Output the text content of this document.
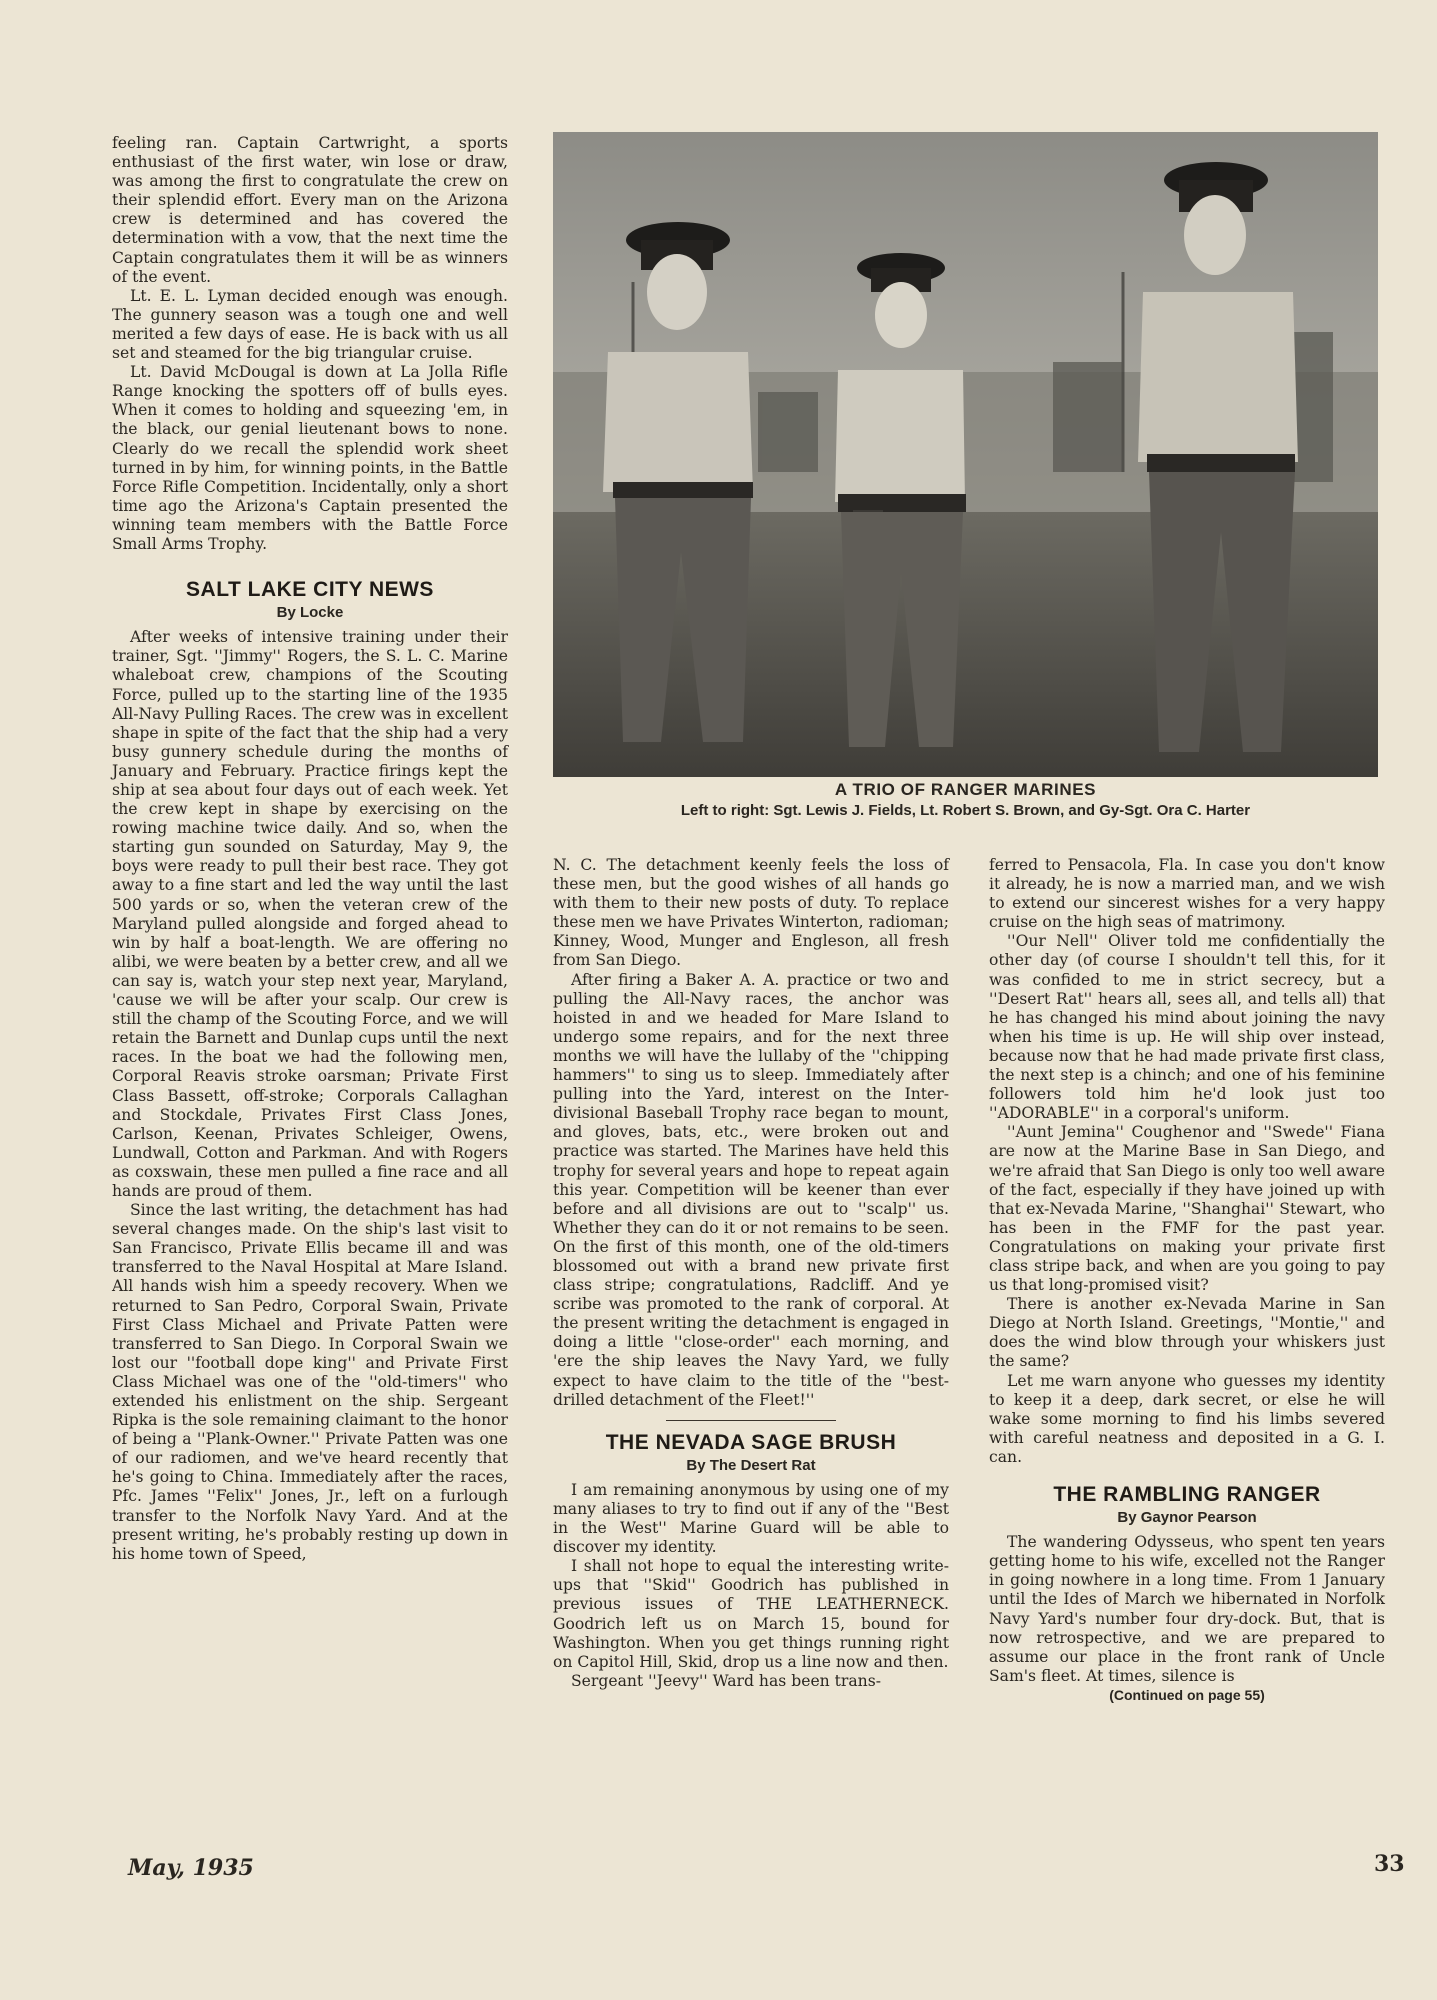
feeling ran. Captain Cartwright, a sports enthusiast of the first water, win lose or draw, was among the first to congratulate the crew on their splendid effort. Every man on the Arizona crew is determined and has covered the determination with a vow, that the next time the Captain congratulates them it will be as winners of the event.

Lt. E. L. Lyman decided enough was enough. The gunnery season was a tough one and well merited a few days of ease. He is back with us all set and steamed for the big triangular cruise.

Lt. David McDougal is down at La Jolla Rifle Range knocking the spotters off of bulls eyes. When it comes to holding and squeezing 'em, in the black, our genial lieutenant bows to none. Clearly do we recall the splendid work sheet turned in by him, for winning points, in the Battle Force Rifle Competition. Incidentally, only a short time ago the Arizona's Captain presented the winning team members with the Battle Force Small Arms Trophy.

SALT LAKE CITY NEWS
By Locke

After weeks of intensive training under their trainer, Sgt. ''Jimmy'' Rogers, the S. L. C. Marine whaleboat crew, champions of the Scouting Force, pulled up to the starting line of the 1935 All-Navy Pulling Races. The crew was in excellent shape in spite of the fact that the ship had a very busy gunnery schedule during the months of January and February. Practice firings kept the ship at sea about four days out of each week. Yet the crew kept in shape by exercising on the rowing machine twice daily. And so, when the starting gun sounded on Saturday, May 9, the boys were ready to pull their best race. They got away to a fine start and led the way until the last 500 yards or so, when the veteran crew of the Maryland pulled alongside and forged ahead to win by half a boat-length. We are offering no alibi, we were beaten by a better crew, and all we can say is, watch your step next year, Maryland, 'cause we will be after your scalp. Our crew is still the champ of the Scouting Force, and we will retain the Barnett and Dunlap cups until the next races. In the boat we had the following men, Corporal Reavis stroke oarsman; Private First Class Bassett, off-stroke; Corporals Callaghan and Stockdale, Privates First Class Jones, Carlson, Keenan, Privates Schleiger, Owens, Lundwall, Cotton and Parkman. And with Rogers as coxswain, these men pulled a fine race and all hands are proud of them.

Since the last writing, the detachment has had several changes made. On the ship's last visit to San Francisco, Private Ellis became ill and was transferred to the Naval Hospital at Mare Island. All hands wish him a speedy recovery. When we returned to San Pedro, Corporal Swain, Private First Class Michael and Private Patten were transferred to San Diego. In Corporal Swain we lost our ''football dope king'' and Private First Class Michael was one of the ''old-timers'' who extended his enlistment on the ship. Sergeant Ripka is the sole remaining claimant to the honor of being a ''Plank-Owner.'' Private Patten was one of our radiomen, and we've heard recently that he's going to China. Immediately after the races, Pfc. James ''Felix'' Jones, Jr., left on a furlough transfer to the Norfolk Navy Yard. And at the present writing, he's probably resting up down in his home town of Speed,

A TRIO OF RANGER MARINES
Left to right: Sgt. Lewis J. Fields, Lt. Robert S. Brown, and Gy-Sgt. Ora C. Harter

N. C. The detachment keenly feels the loss of these men, but the good wishes of all hands go with them to their new posts of duty. To replace these men we have Privates Winterton, radioman; Kinney, Wood, Munger and Engleson, all fresh from San Diego.

After firing a Baker A. A. practice or two and pulling the All-Navy races, the anchor was hoisted in and we headed for Mare Island to undergo some repairs, and for the next three months we will have the lullaby of the ''chipping hammers'' to sing us to sleep. Immediately after pulling into the Yard, interest on the Inter-divisional Baseball Trophy race began to mount, and gloves, bats, etc., were broken out and practice was started. The Marines have held this trophy for several years and hope to repeat again this year. Competition will be keener than ever before and all divisions are out to ''scalp'' us. Whether they can do it or not remains to be seen. On the first of this month, one of the old-timers blossomed out with a brand new private first class stripe; congratulations, Radcliff. And ye scribe was promoted to the rank of corporal. At the present writing the detachment is engaged in doing a little ''close-order'' each morning, and 'ere the ship leaves the Navy Yard, we fully expect to have claim to the title of the ''best-drilled detachment of the Fleet!''

THE NEVADA SAGE BRUSH
By The Desert Rat

I am remaining anonymous by using one of my many aliases to try to find out if any of the ''Best in the West'' Marine Guard will be able to discover my identity.

I shall not hope to equal the interesting write-ups that ''Skid'' Goodrich has published in previous issues of THE LEATHERNECK. Goodrich left us on March 15, bound for Washington. When you get things running right on Capitol Hill, Skid, drop us a line now and then.

Sergeant ''Jeevy'' Ward has been trans-

ferred to Pensacola, Fla. In case you don't know it already, he is now a married man, and we wish to extend our sincerest wishes for a very happy cruise on the high seas of matrimony.

''Our Nell'' Oliver told me confidentially the other day (of course I shouldn't tell this, for it was confided to me in strict secrecy, but a ''Desert Rat'' hears all, sees all, and tells all) that he has changed his mind about joining the navy when his time is up. He will ship over instead, because now that he had made private first class, the next step is a chinch; and one of his feminine followers told him he'd look just too ''ADORABLE'' in a corporal's uniform.

''Aunt Jemina'' Coughenor and ''Swede'' Fiana are now at the Marine Base in San Diego, and we're afraid that San Diego is only too well aware of the fact, especially if they have joined up with that ex-Nevada Marine, ''Shanghai'' Stewart, who has been in the FMF for the past year. Congratulations on making your private first class stripe back, and when are you going to pay us that long-promised visit?

There is another ex-Nevada Marine in San Diego at North Island. Greetings, ''Montie,'' and does the wind blow through your whiskers just the same?

Let me warn anyone who guesses my identity to keep it a deep, dark secret, or else he will wake some morning to find his limbs severed with careful neatness and deposited in a G. I. can.

THE RAMBLING RANGER
By Gaynor Pearson

The wandering Odysseus, who spent ten years getting home to his wife, excelled not the Ranger in going nowhere in a long time. From 1 January until the Ides of March we hibernated in Norfolk Navy Yard's number four dry-dock. But, that is now retrospective, and we are prepared to assume our place in the front rank of Uncle Sam's fleet. At times, silence is

(Continued on page 55)
May, 1935	33
